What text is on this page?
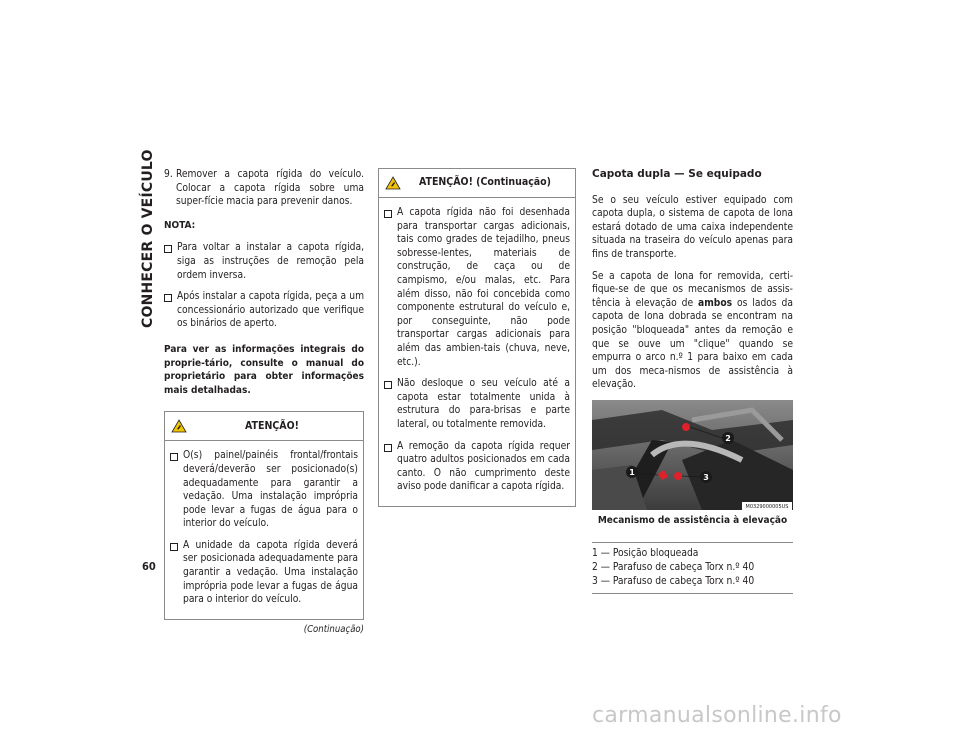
CONHECER O VEÍCULO
60
9. Remover a capota rígida do veículo. Colocar a capota rígida sobre uma super-fície macia para prevenir danos.
NOTA:
Para voltar a instalar a capota rígida, siga as instruções de remoção pela ordem inversa.
Após instalar a capota rígida, peça a um concessionário autorizado que verifique os binários de aperto.
Para ver as informações integrais do proprie-tário, consulte o manual do proprietário para obter informações mais detalhadas.
ATENÇÃO!
O(s) painel/painéis frontal/frontais deverá/deverão ser posicionado(s) adequadamente para garantir a vedação. Uma instalação imprópria pode levar a fugas de água para o interior do veículo.
A unidade da capota rígida deverá ser posicionada adequadamente para garantir a vedação. Uma instalação imprópria pode levar a fugas de água para o interior do veículo.
(Continuação)
ATENÇÃO! (Continuação)
A capota rígida não foi desenhada para transportar cargas adicionais, tais como grades de tejadilho, pneus sobresse-lentes, materiais de construção, de caça ou de campismo, e/ou malas, etc. Para além disso, não foi concebida como componente estrutural do veículo e, por conseguinte, não pode transportar cargas adicionais para além das ambien-tais (chuva, neve, etc.).
Não desloque o seu veículo até a capota estar totalmente unida à estrutura do para-brisas e parte lateral, ou totalmente removida.
A remoção da capota rígida requer quatro adultos posicionados em cada canto. O não cumprimento deste aviso pode danificar a capota rígida.
Capota dupla — Se equipado

Se o seu veículo estiver equipado com capota dupla, o sistema de capota de lona estará dotado de uma caixa independente situada na traseira do veículo apenas para fins de transporte.

Se a capota de lona for removida, certi-fique-se de que os mecanismos de assis-tência à elevação de ambos os lados da capota de lona dobrada se encontram na posição "bloqueada" antes da remoção e que se ouve um "clique" quando se empurra o arco n.º 1 para baixo em cada um dos meca-nismos de assistência à elevação.

2
3
1
M0329000005US
Mecanismo de assistência à elevação
1 — Posição bloqueada
2 — Parafuso de cabeça Torx n.º 40
3 — Parafuso de cabeça Torx n.º 40
carmanualsonline.info
